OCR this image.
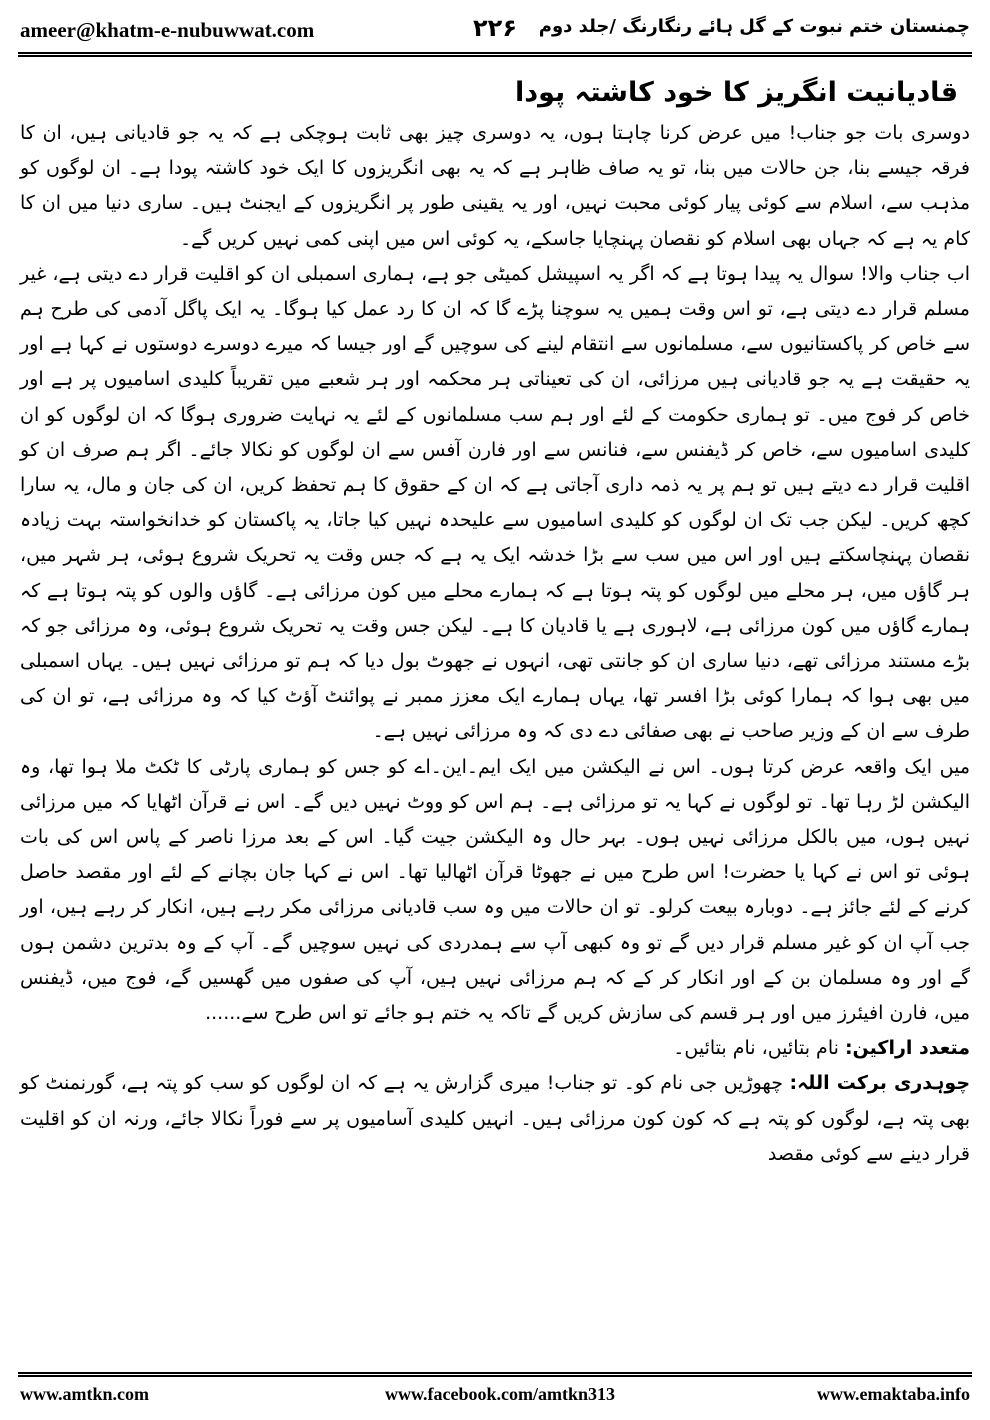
ameer@khatm-e-nubuwwat.com	۲۲۶	چمنستان ختم نبوت کے گل ہائے رنگارنگ /جلد دوم
قادیانیت انگریز کا خود کاشتہ پودا

دوسری بات جو جناب! میں عرض کرنا چاہتا ہوں، یہ دوسری چیز بھی ثابت ہوچکی ہے کہ یہ جو قادیانی ہیں، ان کا فرقہ جیسے بنا، جن حالات میں بنا، تو یہ صاف ظاہر ہے کہ یہ بھی انگریزوں کا ایک خود کاشتہ پودا ہے۔ ان لوگوں کو مذہب سے، اسلام سے کوئی پیار کوئی محبت نہیں، اور یہ یقینی طور پر انگریزوں کے ایجنٹ ہیں۔ ساری دنیا میں ان کا کام یہ ہے کہ جہاں بھی اسلام کو نقصان پہنچایا جاسکے، یہ کوئی اس میں اپنی کمی نہیں کریں گے۔

اب جناب والا! سوال یہ پیدا ہوتا ہے کہ اگر یہ اسپیشل کمیٹی جو ہے، ہماری اسمبلی ان کو اقلیت قرار دے دیتی ہے، غیر مسلم قرار دے دیتی ہے، تو اس وقت ہمیں یہ سوچنا پڑے گا کہ ان کا رد عمل کیا ہوگا۔ یہ ایک پاگل آدمی کی طرح ہم سے خاص کر پاکستانیوں سے، مسلمانوں سے انتقام لینے کی سوچیں گے اور جیسا کہ میرے دوسرے دوستوں نے کہا ہے اور یہ حقیقت ہے یہ جو قادیانی ہیں مرزائی، ان کی تعیناتی ہر محکمہ اور ہر شعبے میں تقریباً کلیدی اسامیوں پر ہے اور خاص کر فوج میں۔ تو ہماری حکومت کے لئے اور ہم سب مسلمانوں کے لئے یہ نہایت ضروری ہوگا کہ ان لوگوں کو ان کلیدی اسامیوں سے، خاص کر ڈیفنس سے، فنانس سے اور فارن آفس سے ان لوگوں کو نکالا جائے۔ اگر ہم صرف ان کو اقلیت قرار دے دیتے ہیں تو ہم پر یہ ذمہ داری آجاتی ہے کہ ان کے حقوق کا ہم تحفظ کریں، ان کی جان و مال، یہ سارا کچھ کریں۔ لیکن جب تک ان لوگوں کو کلیدی اسامیوں سے علیحدہ نہیں کیا جاتا، یہ پاکستان کو خدانخواستہ بہت زیادہ نقصان پہنچاسکتے ہیں اور اس میں سب سے بڑا خدشہ ایک یہ ہے کہ جس وقت یہ تحریک شروع ہوئی، ہر شہر میں، ہر گاؤں میں، ہر محلے میں لوگوں کو پتہ ہوتا ہے کہ ہمارے محلے میں کون مرزائی ہے۔ گاؤں والوں کو پتہ ہوتا ہے کہ ہمارے گاؤں میں کون مرزائی ہے، لاہوری ہے یا قادیان کا ہے۔ لیکن جس وقت یہ تحریک شروع ہوئی، وہ مرزائی جو کہ بڑے مستند مرزائی تھے، دنیا ساری ان کو جانتی تھی، انہوں نے جھوٹ بول دیا کہ ہم تو مرزائی نہیں ہیں۔ یہاں اسمبلی میں بھی ہوا کہ ہمارا کوئی بڑا افسر تھا، یہاں ہمارے ایک معزز ممبر نے پوائنٹ آؤٹ کیا کہ وہ مرزائی ہے، تو ان کی طرف سے ان کے وزیر صاحب نے بھی صفائی دے دی کہ وہ مرزائی نہیں ہے۔

میں ایک واقعہ عرض کرتا ہوں۔ اس نے الیکشن میں ایک ایم۔این۔اے کو جس کو ہماری پارٹی کا ٹکٹ ملا ہوا تھا، وہ الیکشن لڑ رہا تھا۔ تو لوگوں نے کہا یہ تو مرزائی ہے۔ ہم اس کو ووٹ نہیں دیں گے۔ اس نے قرآن اٹھایا کہ میں مرزائی نہیں ہوں، میں بالکل مرزائی نہیں ہوں۔ بہر حال وہ الیکشن جیت گیا۔ اس کے بعد مرزا ناصر کے پاس اس کی بات ہوئی تو اس نے کہا یا حضرت! اس طرح میں نے جھوٹا قرآن اٹھالیا تھا۔ اس نے کہا جان بچانے کے لئے اور مقصد حاصل کرنے کے لئے جائز ہے۔ دوبارہ بیعت کرلو۔ تو ان حالات میں وہ سب قادیانی مرزائی مکر رہے ہیں، انکار کر رہے ہیں، اور جب آپ ان کو غیر مسلم قرار دیں گے تو وہ کبھی آپ سے ہمدردی کی نہیں سوچیں گے۔ آپ کے وہ بدترین دشمن ہوں گے اور وہ مسلمان بن کے اور انکار کر کے کہ ہم مرزائی نہیں ہیں، آپ کی صفوں میں گھسیں گے، فوج میں، ڈیفنس میں، فارن افیئرز میں اور ہر قسم کی سازش کریں گے تاکہ یہ ختم ہو جائے تو اس طرح سے......

متعدد اراکین: نام بتائیں، نام بتائیں۔

چوہدری برکت اللہ: چھوڑیں جی نام کو۔ تو جناب! میری گزارش یہ ہے کہ ان لوگوں کو سب کو پتہ ہے، گورنمنٹ کو بھی پتہ ہے، لوگوں کو پتہ ہے کہ کون کون مرزائی ہیں۔ انہیں کلیدی آسامیوں پر سے فوراً نکالا جائے، ورنہ ان کو اقلیت قرار دینے سے کوئی مقصد

www.amtkn.com	www.facebook.com/amtkn313	www.emaktaba.info
